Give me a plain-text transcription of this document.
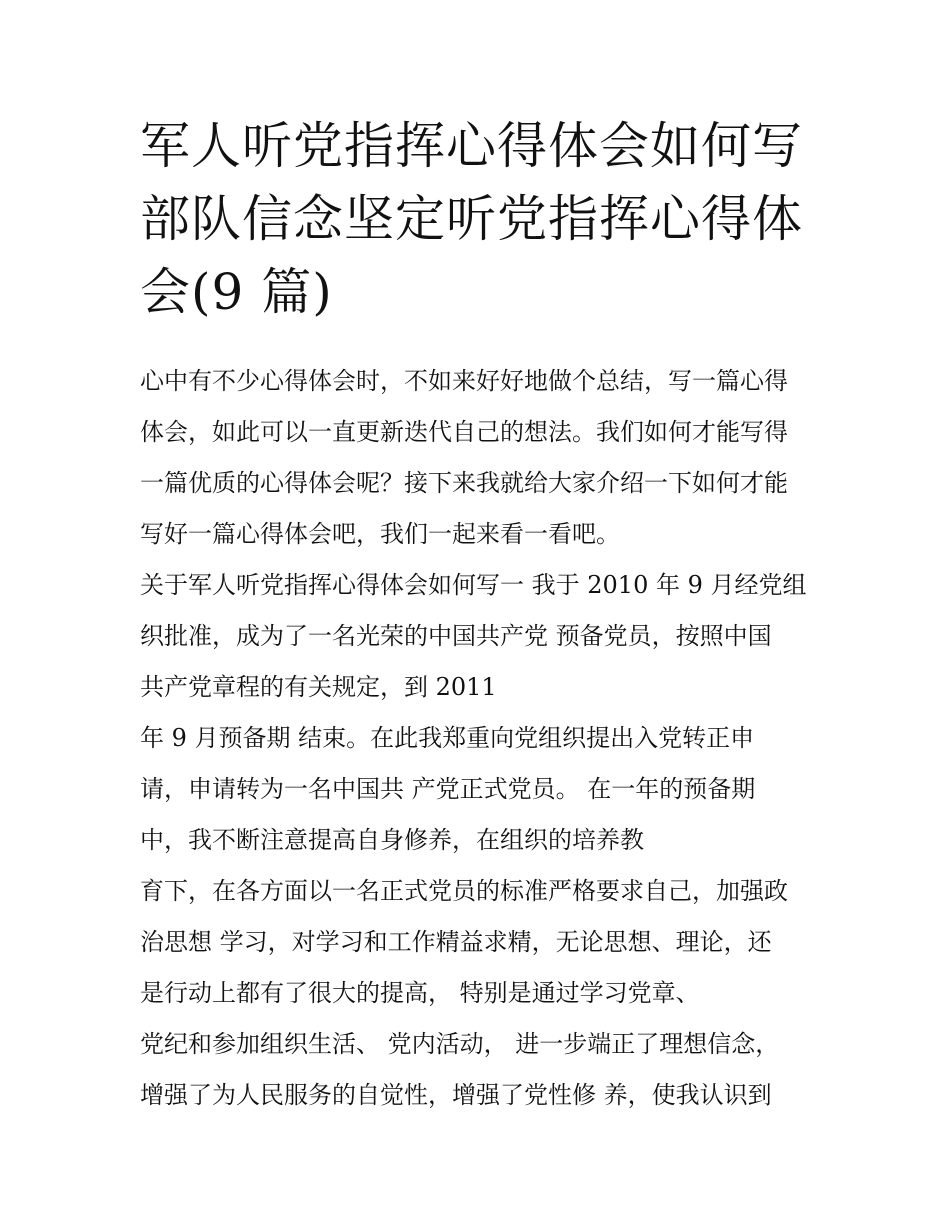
军人听党指挥心得体会如何写
部队信念坚定听党指挥心得体
会(9 篇)
心中有不少心得体会时，不如来好好地做个总结，写一篇心得
体会，如此可以一直更新迭代自己的想法。我们如何才能写得
一篇优质的心得体会呢？接下来我就给大家介绍一下如何才能
写好一篇心得体会吧，我们一起来看一看吧。
关于军人听党指挥心得体会如何写一 我于 2010 年 9 月经党组
织批准，成为了一名光荣的中国共产党 预备党员，按照中国
共产党章程的有关规定，到 2011
年 9 月预备期 结束。在此我郑重向党组织提出入党转正申
请，申请转为一名中国共 产党正式党员。 在一年的预备期
中，我不断注意提高自身修养，在组织的培养教
育下，在各方面以一名正式党员的标准严格要求自己，加强政
治思想 学习，对学习和工作精益求精，无论思想、理论，还
是行动上都有了很大的提高， 特别是通过学习党章、
党纪和参加组织生活、 党内活动， 进一步端正了理想信念，
增强了为人民服务的自觉性，增强了党性修 养，使我认识到
